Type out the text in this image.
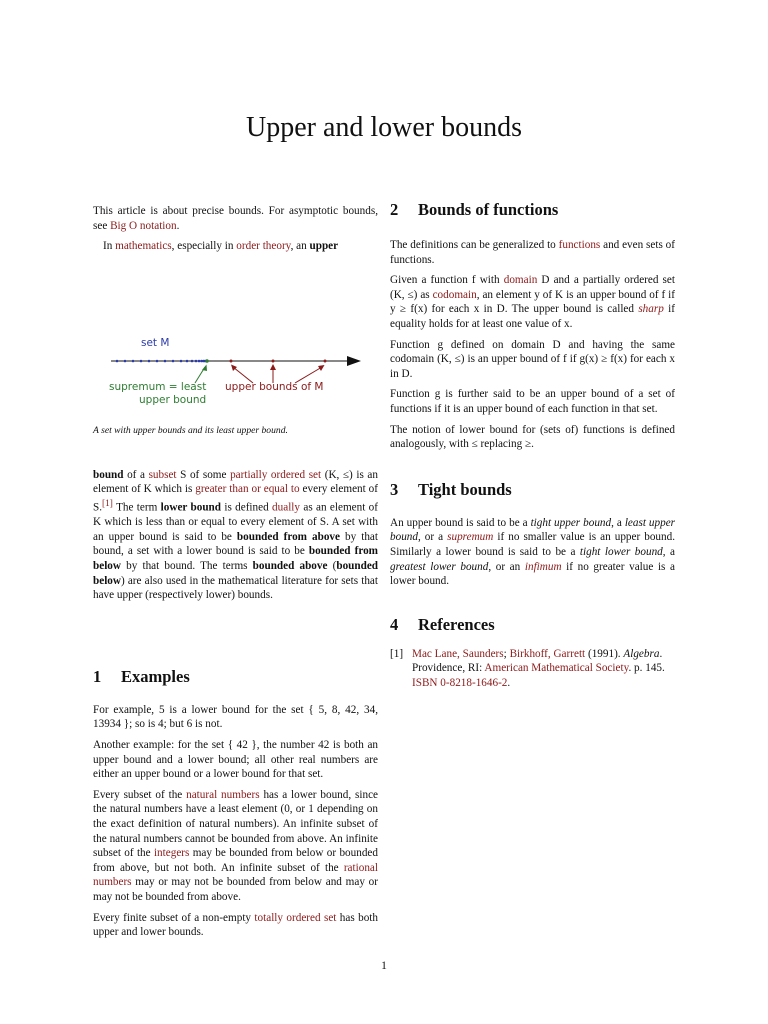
Upper and lower bounds

This article is about precise bounds. For asymptotic bounds, see Big O notation.

In mathematics, especially in order theory, an upper

set M
supremum = least
upper bound
upper bounds of M
A set with upper bounds and its least upper bound.

bound of a subset S of some partially ordered set (K, ≤) is an element of K which is greater than or equal to every element of S.[1] The term lower bound is defined dually as an element of K which is less than or equal to every element of S. A set with an upper bound is said to be bounded from above by that bound, a set with a lower bound is said to be bounded from below by that bound. The terms bounded above (bounded below) are also used in the mathematical literature for sets that have upper (respectively lower) bounds.

1 Examples

For example, 5 is a lower bound for the set { 5, 8, 42, 34, 13934 }; so is 4; but 6 is not.

Another example: for the set { 42 }, the number 42 is both an upper bound and a lower bound; all other real numbers are either an upper bound or a lower bound for that set.

Every subset of the natural numbers has a lower bound, since the natural numbers have a least element (0, or 1 depending on the exact definition of natural numbers). An infinite subset of the natural numbers cannot be bounded from above. An infinite subset of the integers may be bounded from below or bounded from above, but not both. An infinite subset of the rational numbers may or may not be bounded from below and may or may not be bounded from above.

Every finite subset of a non-empty totally ordered set has both upper and lower bounds.

2 Bounds of functions

The definitions can be generalized to functions and even sets of functions.

Given a function f with domain D and a partially ordered set (K, ≤) as codomain, an element y of K is an upper bound of f if y ≥ f(x) for each x in D. The upper bound is called sharp if equality holds for at least one value of x.

Function g defined on domain D and having the same codomain (K, ≤) is an upper bound of f if g(x) ≥ f(x) for each x in D.

Function g is further said to be an upper bound of a set of functions if it is an upper bound of each function in that set.

The notion of lower bound for (sets of) functions is defined analogously, with ≤ replacing ≥.

3 Tight bounds

An upper bound is said to be a tight upper bound, a least upper bound, or a supremum if no smaller value is an upper bound. Similarly a lower bound is said to be a tight lower bound, a greatest lower bound, or an infimum if no greater value is a lower bound.

4 References
[1] Mac Lane, Saunders; Birkhoff, Garrett (1991). Algebra. Providence, RI: American Mathematical Society. p. 145. ISBN 0-8218-1646-2.
1
